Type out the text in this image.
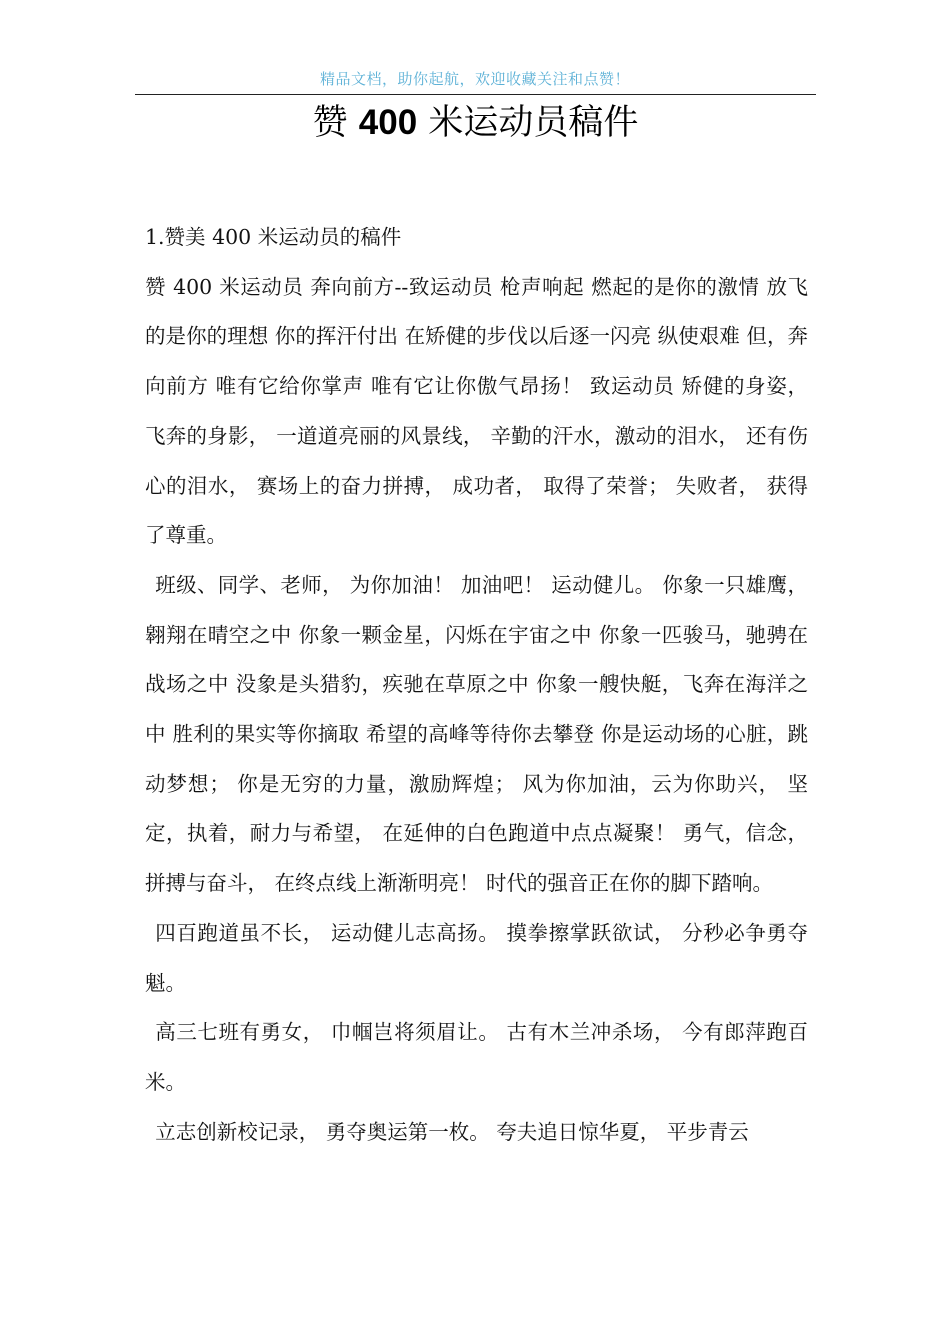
精品文档，助你起航，欢迎收藏关注和点赞！
赞 400 米运动员稿件

1.赞美 400 米运动员的稿件

赞 400 米运动员 奔向前方--致运动员 枪声响起 燃起的是你的激情 放飞的是你的理想 你的挥汗付出 在矫健的步伐以后逐一闪亮 纵使艰难 但，奔向前方 唯有它给你掌声 唯有它让你傲气昂扬！ 致运动员 矫健的身姿， 飞奔的身影， 一道道亮丽的风景线， 辛勤的汗水，激动的泪水， 还有伤心的泪水， 赛场上的奋力拼搏， 成功者， 取得了荣誉； 失败者， 获得了尊重。

班级、同学、老师， 为你加油！ 加油吧！ 运动健儿。 你象一只雄鹰，翱翔在晴空之中 你象一颗金星，闪烁在宇宙之中 你象一匹骏马，驰骋在战场之中 没象是头猎豹，疾驰在草原之中 你象一艘快艇，飞奔在海洋之中 胜利的果实等你摘取 希望的高峰等待你去攀登 你是运动场的心脏，跳动梦想； 你是无穷的力量，激励辉煌； 风为你加油，云为你助兴， 坚定，执着，耐力与希望， 在延伸的白色跑道中点点凝聚！ 勇气，信念，拼搏与奋斗， 在终点线上渐渐明亮！ 时代的强音正在你的脚下踏响。

四百跑道虽不长， 运动健儿志高扬。 摸拳擦掌跃欲试， 分秒必争勇夺魁。

高三七班有勇女， 巾帼岂将须眉让。 古有木兰冲杀场， 今有郎萍跑百米。

立志创新校记录， 勇夺奥运第一枚。 夸夫追日惊华夏， 平步青云
